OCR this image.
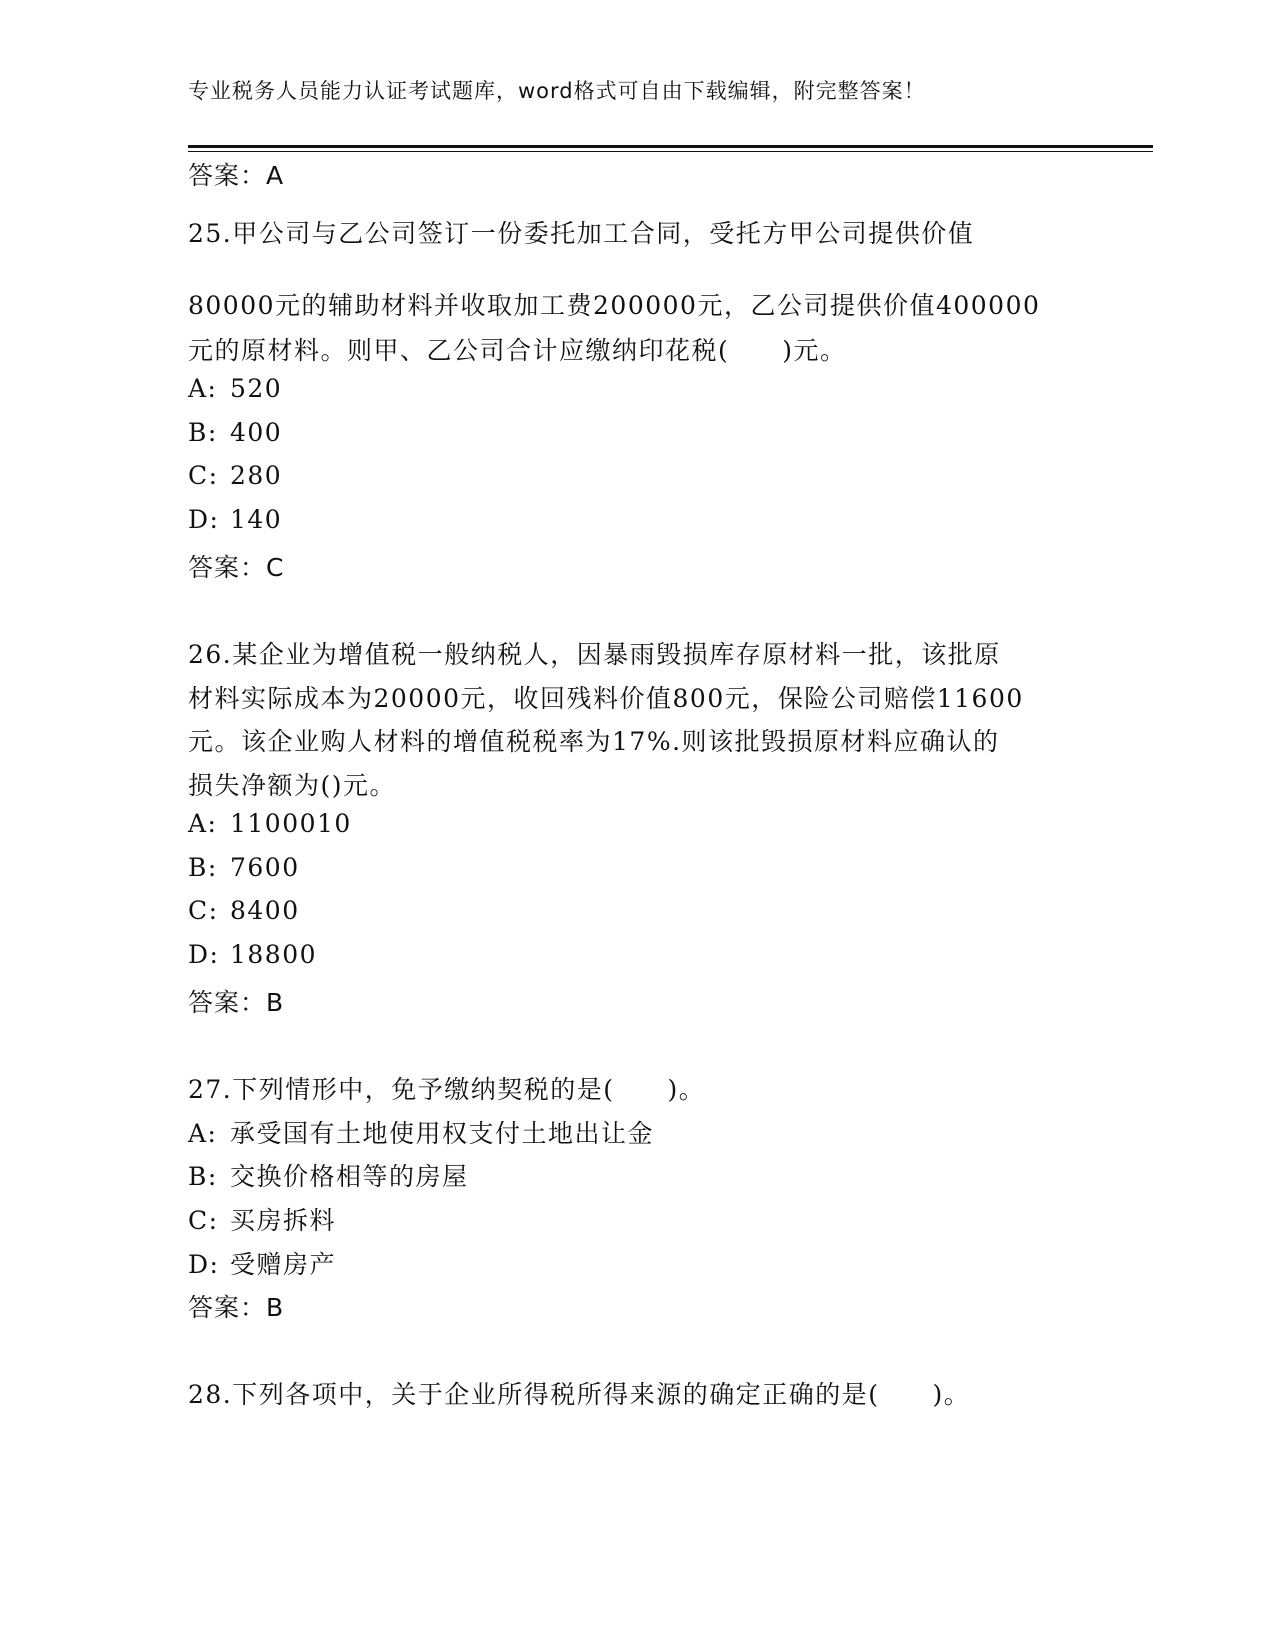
专业税务人员能力认证考试题库，word格式可自由下载编辑，附完整答案！
答案：A
25.甲公司与乙公司签订一份委托加工合同，受托方甲公司提供价值
80000元的辅助材料并收取加工费200000元，乙公司提供价值400000
元的原材料。则甲、乙公司合计应缴纳印花税(　　)元。
A: 520
B: 400
C: 280
D: 140
答案：C
26.某企业为增值税一般纳税人，因暴雨毁损库存原材料一批，该批原
材料实际成本为20000元，收回残料价值800元，保险公司赔偿11600
元。该企业购人材料的增值税税率为17%.则该批毁损原材料应确认的
损失净额为()元。
A: 1100010
B: 7600
C: 8400
D: 18800
答案：B
27.下列情形中，免予缴纳契税的是(　　)。
A: 承受国有土地使用权支付土地出让金
B: 交换价格相等的房屋
C: 买房拆料
D: 受赠房产
答案：B
28.下列各项中，关于企业所得税所得来源的确定正确的是(　　)。
